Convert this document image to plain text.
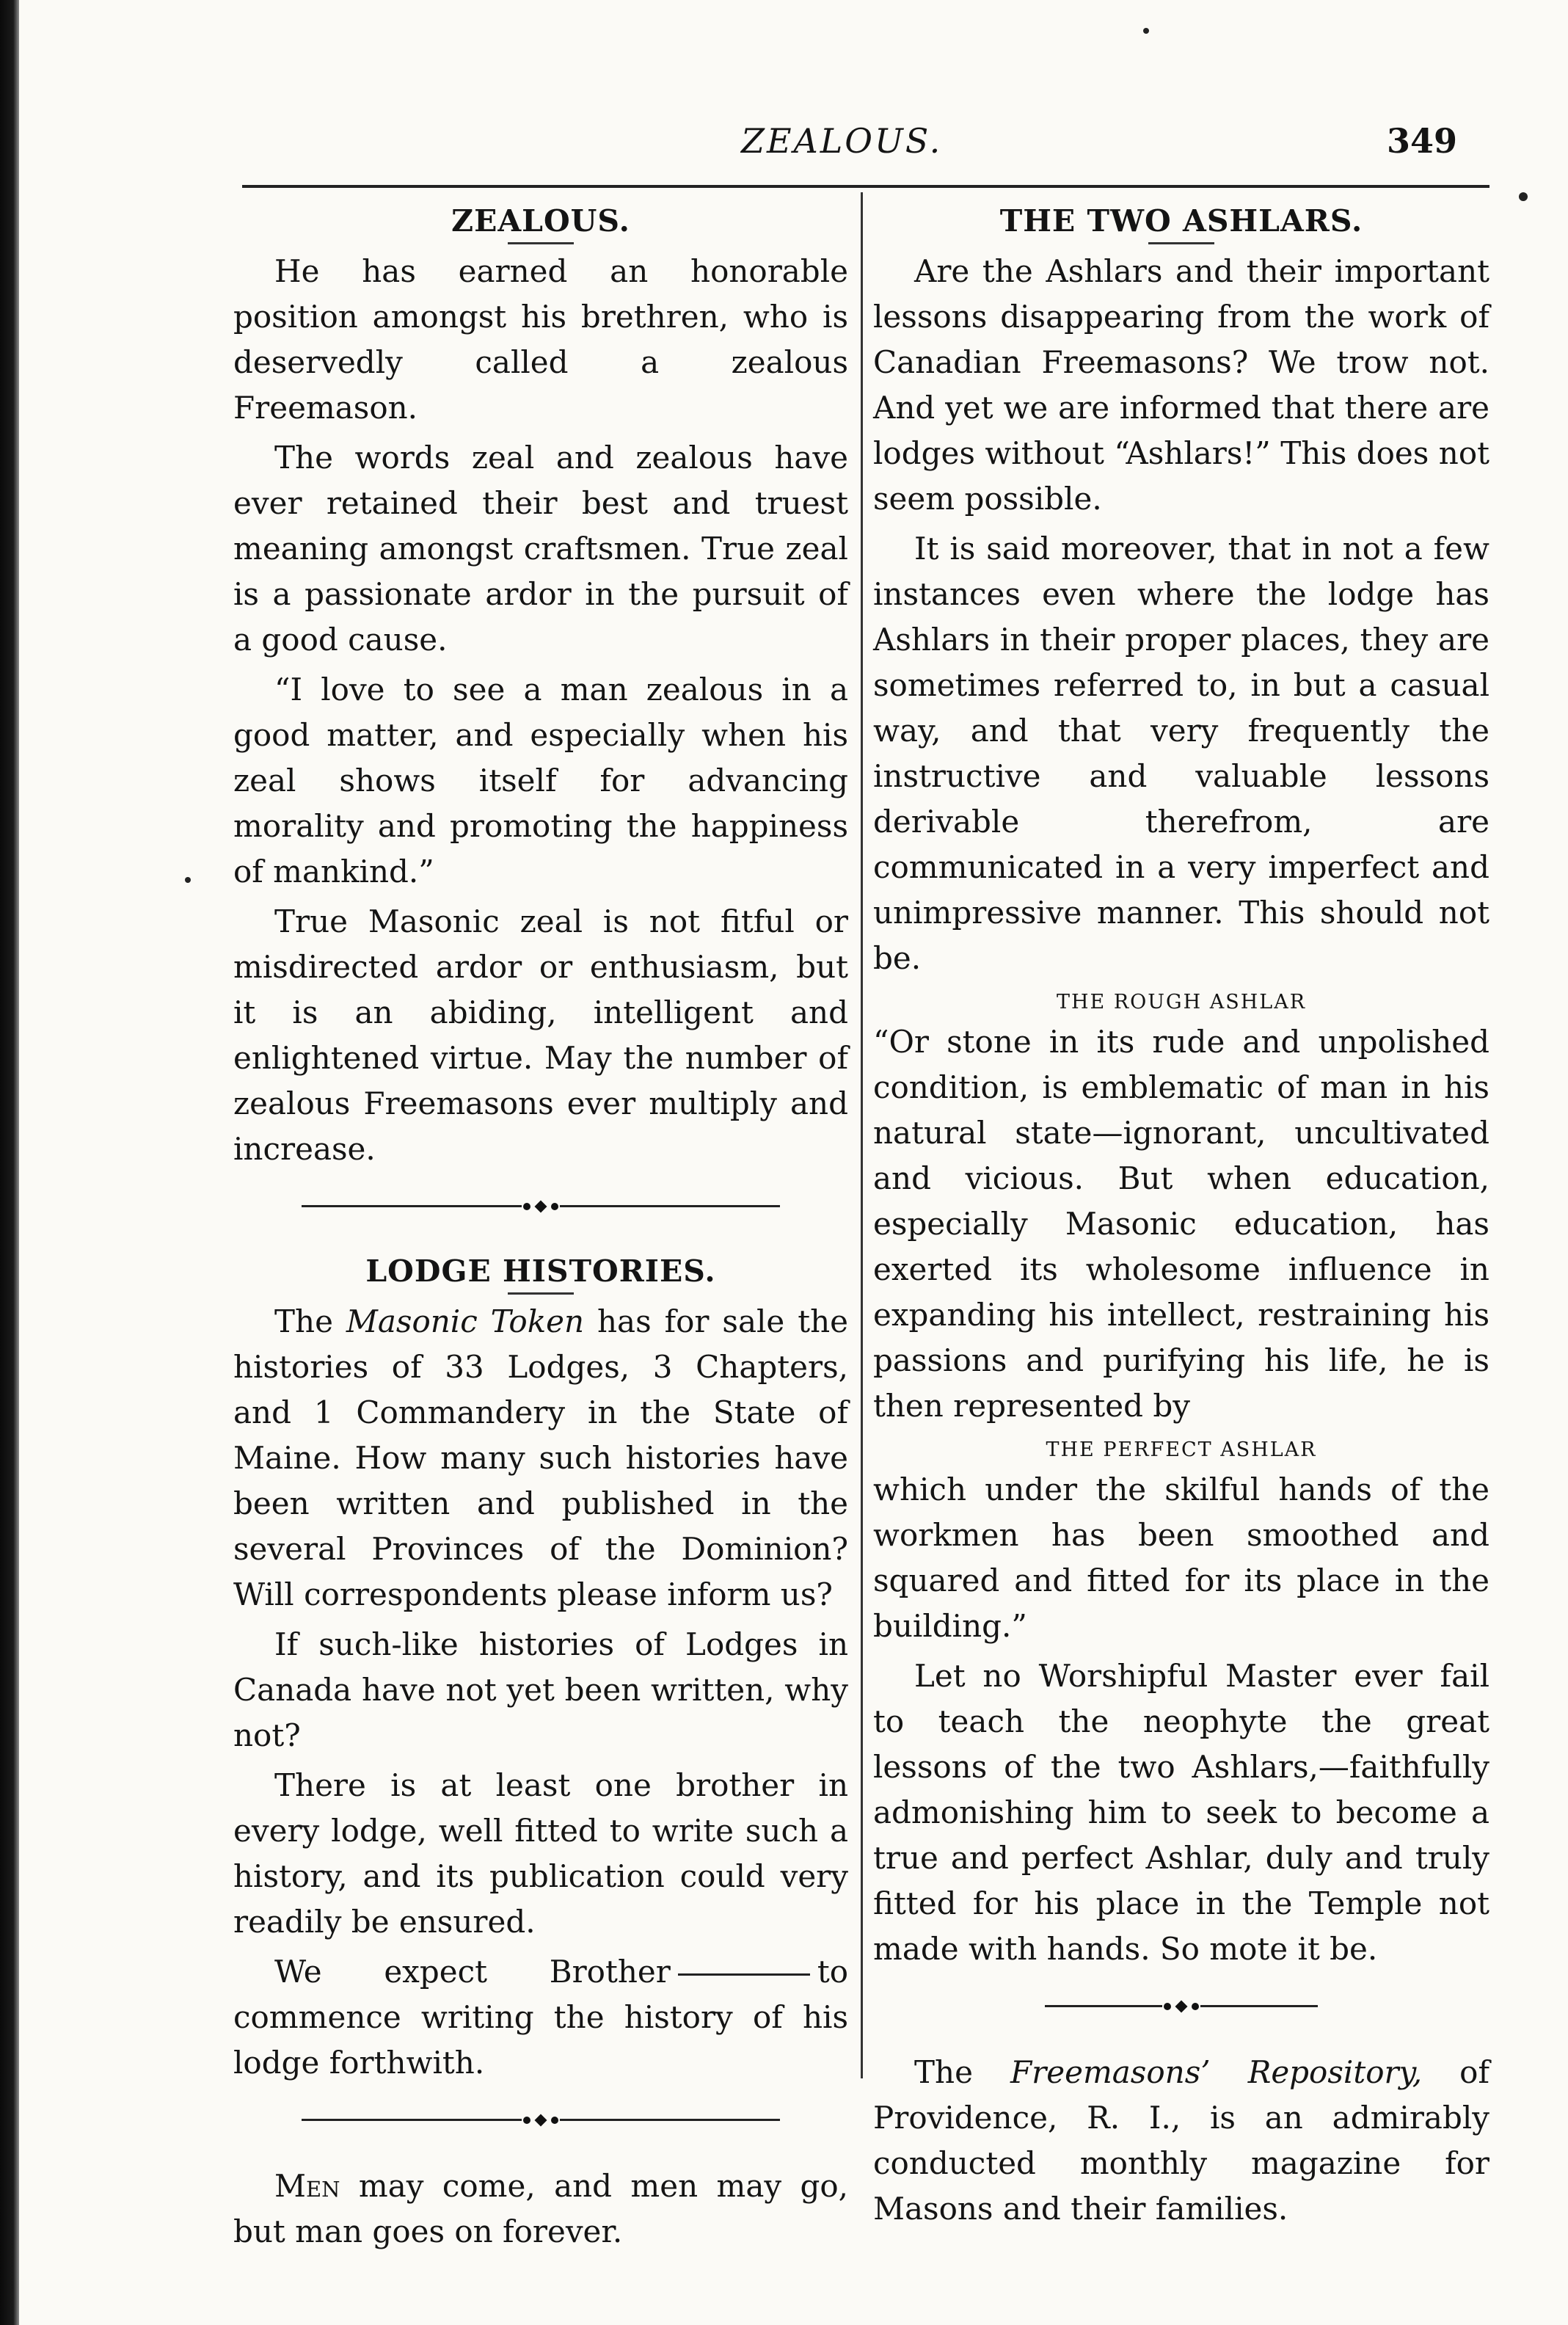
ZEALOUS.	349
ZEALOUS.

He has earned an honorable position amongst his brethren, who is deservedly called a zealous Freemason.

The words zeal and zealous have ever retained their best and truest meaning amongst craftsmen. True zeal is a passionate ardor in the pursuit of a good cause.

“I love to see a man zealous in a good matter, and especially when his zeal shows itself for advancing morality and promoting the happiness of mankind.”

True Masonic zeal is not fitful or misdirected ardor or enthusiasm, but it is an abiding, intelligent and enlightened virtue. May the number of zealous Freemasons ever multiply and increase.

LODGE HISTORIES.

The Masonic Token has for sale the histories of 33 Lodges, 3 Chapters, and 1 Commandery in the State of Maine. How many such histories have been written and published in the several Provinces of the Dominion? Will correspondents please inform us?

If such-like histories of Lodges in Canada have not yet been written, why not?

There is at least one brother in every lodge, well fitted to write such a history, and its publication could very readily be ensured.

We expect Brother	to commence writing the history of his lodge forthwith.

Men may come, and men may go, but man goes on forever.

THE TWO ASHLARS.

Are the Ashlars and their important lessons disappearing from the work of Canadian Freemasons? We trow not. And yet we are informed that there are lodges without “Ashlars!” This does not seem possible.

It is said moreover, that in not a few instances even where the lodge has Ashlars in their proper places, they are sometimes referred to, in but a casual way, and that very frequently the instructive and valuable lessons derivable therefrom, are communicated in a very imperfect and unimpressive manner. This should not be.

THE ROUGH ASHLAR

“Or stone in its rude and unpolished condition, is emblematic of man in his natural state—ignorant, uncultivated and vicious. But when education, especially Masonic education, has exerted its wholesome influence in expanding his intellect, restraining his passions and purifying his life, he is then represented by

THE PERFECT ASHLAR

which under the skilful hands of the workmen has been smoothed and squared and fitted for its place in the building.”

Let no Worshipful Master ever fail to teach the neophyte the great lessons of the two Ashlars,—faithfully admonishing him to seek to become a true and perfect Ashlar, duly and truly fitted for his place in the Temple not made with hands. So mote it be.

The Freemasons’ Repository, of Providence, R. I., is an admirably conducted monthly magazine for Masons and their families.
